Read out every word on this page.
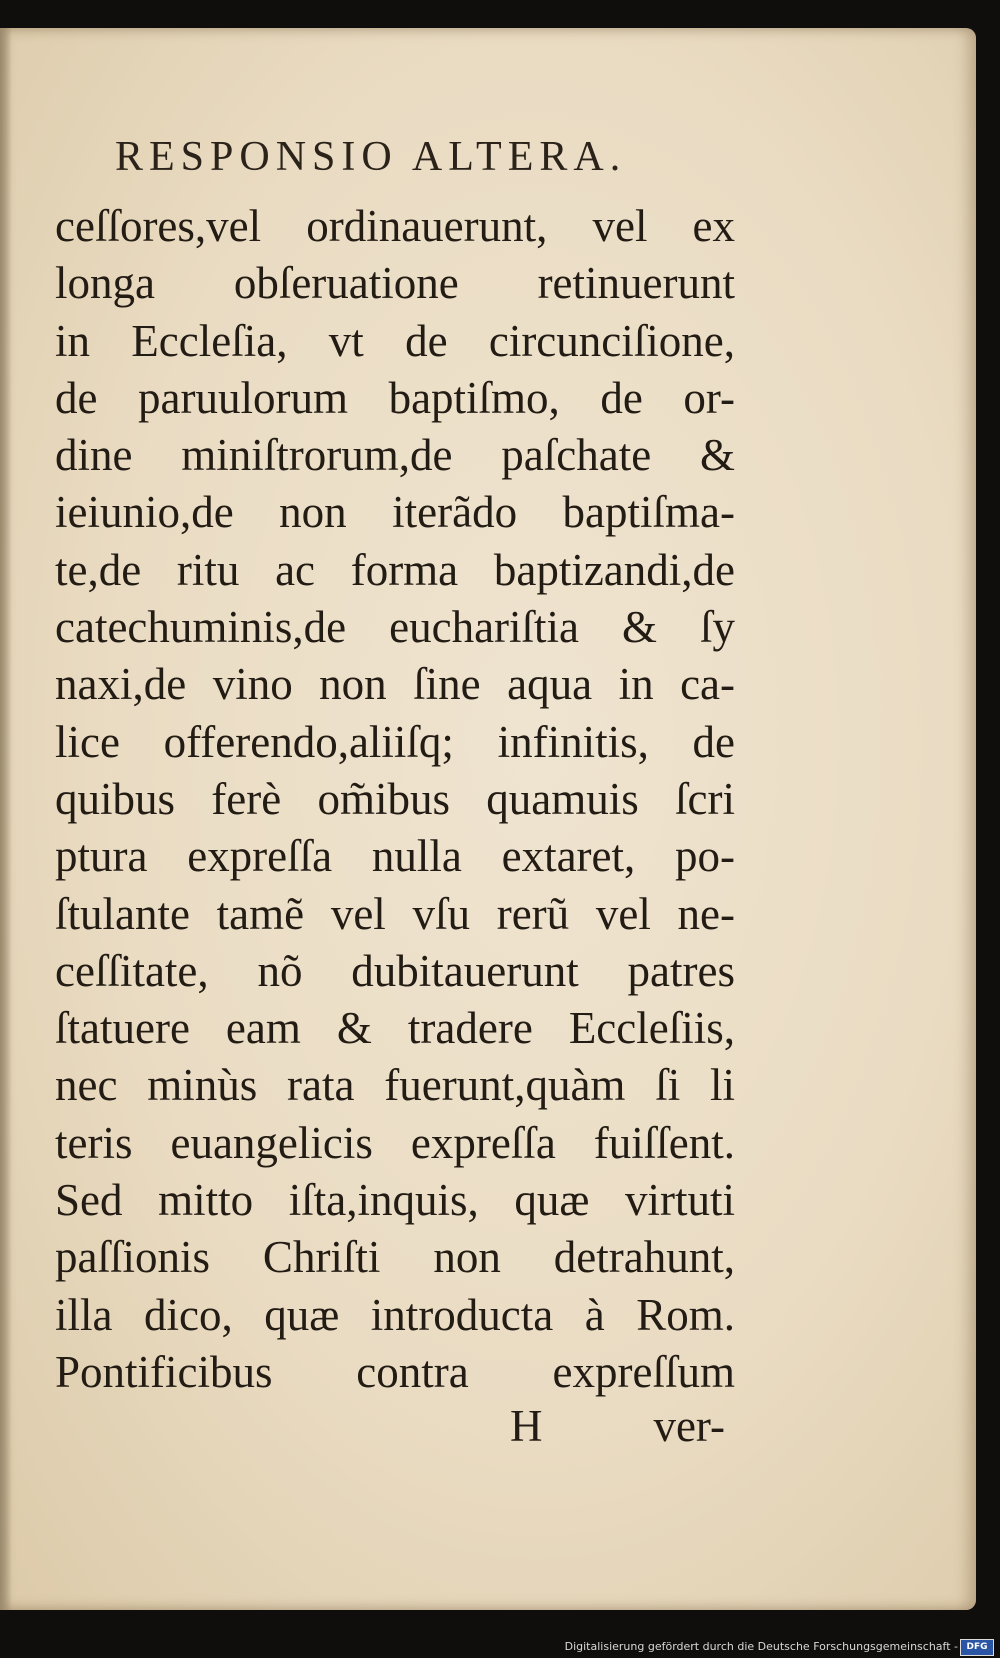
RESPONSIO ALTERA.
ceſſores,vel ordinauerunt, vel ex
longa obſeruatione retinuerunt
in Eccleſia, vt de circunciſione,
de paruulorum baptiſmo, de or-
dine miniſtrorum,de paſchate &
ieiunio,de non iterãdo baptiſma-
te,de ritu ac forma baptizandi,de
catechuminis,de euchariſtia & ſy
naxi,de vino non ſine aqua in ca-
lice offerendo,aliiſq; infinitis, de
quibus ferè om̃ibus quamuis ſcri
ptura expreſſa nulla extaret, po-
ſtulante tamẽ vel vſu rerũ vel ne-
ceſſitate, nõ dubitauerunt patres
ſtatuere eam & tradere Eccleſiis,
nec minùs rata fuerunt,quàm ſi li
teris euangelicis expreſſa fuiſſent.
Sed mitto iſta,inquis, quæ virtuti
paſſionis Chriſti non detrahunt,
illa dico, quæ introducta à Rom.
Pontificibus contra expreſſum
H ver-
Digitalisierung gefördert durch die Deutsche Forschungsgemeinschaft - DFG
